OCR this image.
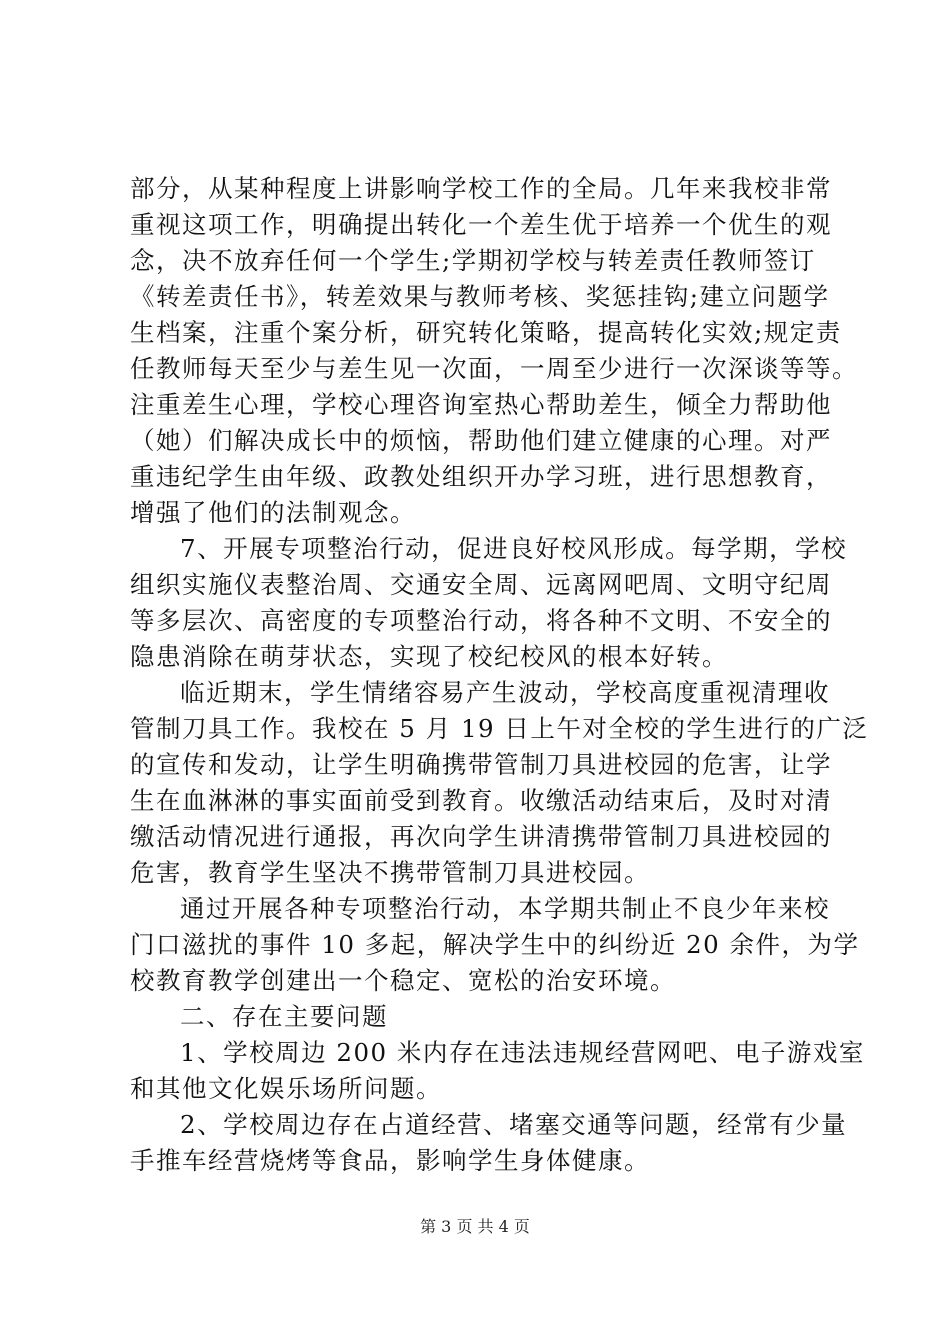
部分，从某种程度上讲影响学校工作的全局。几年来我校非常
重视这项工作，明确提出转化一个差生优于培养一个优生的观
念，决不放弃任何一个学生;学期初学校与转差责任教师签订
《转差责任书》，转差效果与教师考核、奖惩挂钩;建立问题学
生档案，注重个案分析，研究转化策略，提高转化实效;规定责
任教师每天至少与差生见一次面，一周至少进行一次深谈等等。
注重差生心理，学校心理咨询室热心帮助差生，倾全力帮助他
（她）们解决成长中的烦恼，帮助他们建立健康的心理。对严
重违纪学生由年级、政教处组织开办学习班，进行思想教育，
增强了他们的法制观念。
7、开展专项整治行动，促进良好校风形成。每学期，学校
组织实施仪表整治周、交通安全周、远离网吧周、文明守纪周
等多层次、高密度的专项整治行动，将各种不文明、不安全的
隐患消除在萌芽状态，实现了校纪校风的根本好转。
临近期末，学生情绪容易产生波动，学校高度重视清理收
管制刀具工作。我校在 5 月 19 日上午对全校的学生进行的广泛
的宣传和发动，让学生明确携带管制刀具进校园的危害，让学
生在血淋淋的事实面前受到教育。收缴活动结束后，及时对清
缴活动情况进行通报，再次向学生讲清携带管制刀具进校园的
危害，教育学生坚决不携带管制刀具进校园。
通过开展各种专项整治行动，本学期共制止不良少年来校
门口滋扰的事件 10 多起，解决学生中的纠纷近 20 余件，为学
校教育教学创建出一个稳定、宽松的治安环境。
二、存在主要问题
1、学校周边 200 米内存在违法违规经营网吧、电子游戏室
和其他文化娱乐场所问题。
2、学校周边存在占道经营、堵塞交通等问题，经常有少量
手推车经营烧烤等食品，影响学生身体健康。
第 3 页 共 4 页
